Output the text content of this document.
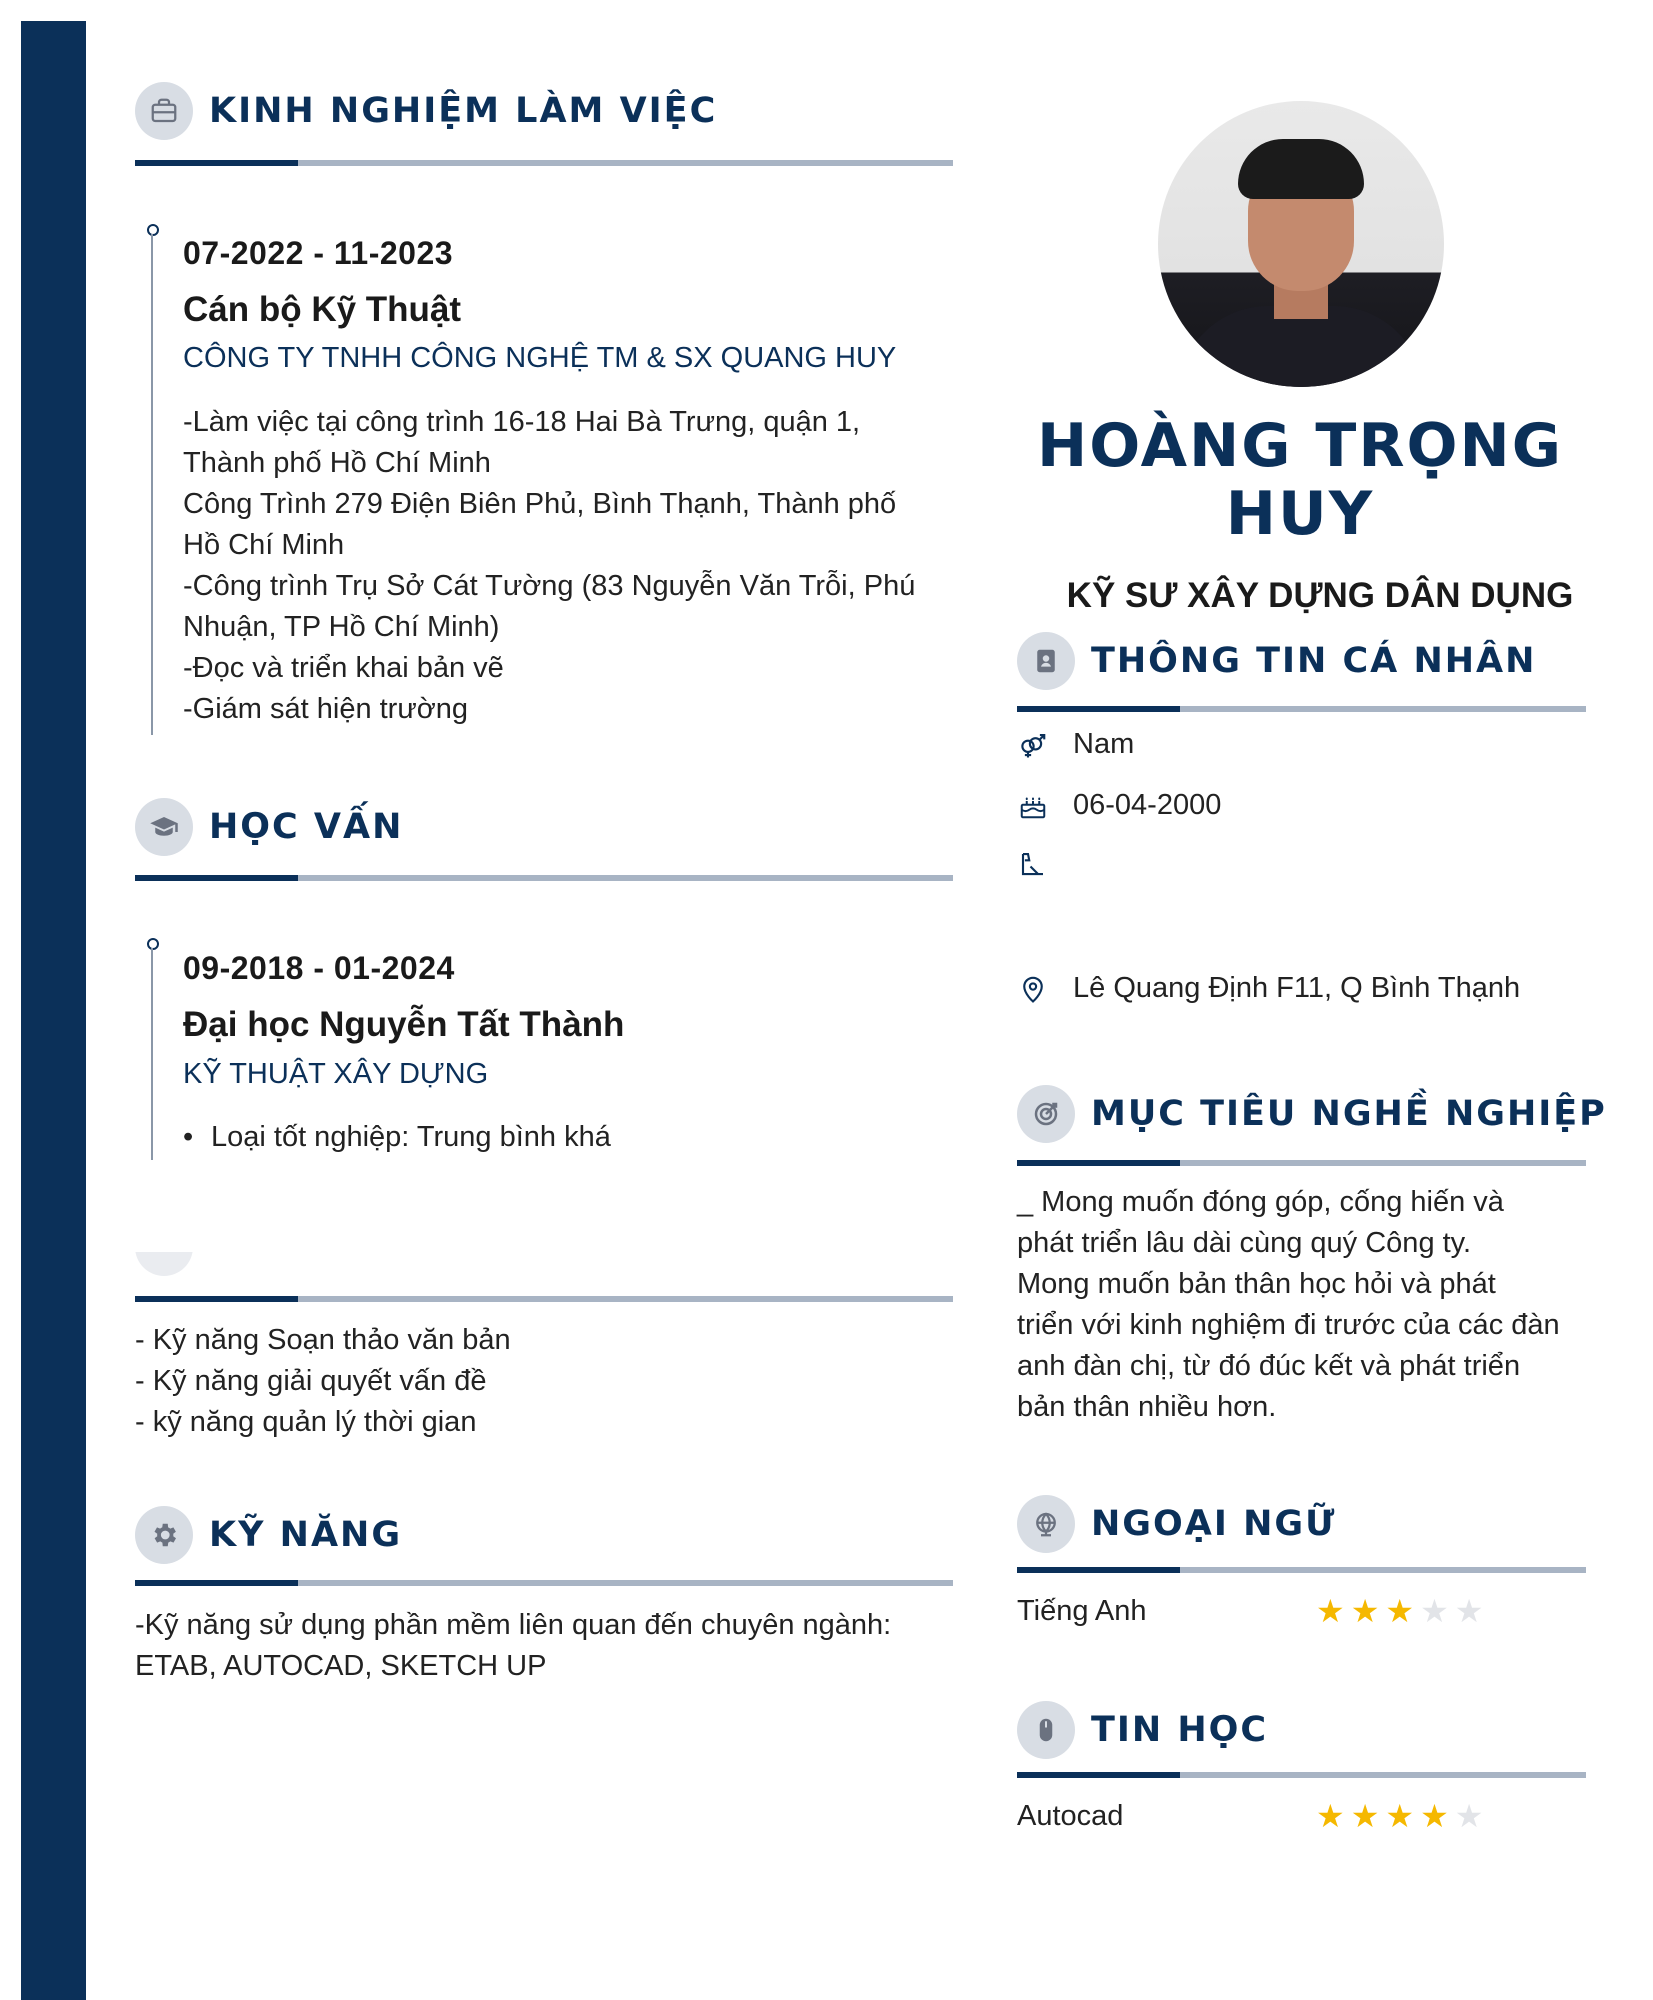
KINH NGHIỆM LÀM VIỆC
07-2022 - 11-2023
Cán bộ Kỹ Thuật
CÔNG TY TNHH CÔNG NGHỆ TM & SX QUANG HUY
-Làm việc tại công trình 16-18 Hai Bà Trưng, quận 1,
Thành phố Hồ Chí Minh
Công Trình 279 Điện Biên Phủ, Bình Thạnh, Thành phố
Hồ Chí Minh
-Công trình Trụ Sở Cát Tường (83 Nguyễn Văn Trỗi, Phú
Nhuận, TP Hồ Chí Minh)
-Đọc và triển khai bản vẽ
-Giám sát hiện trường
HỌC VẤN
09-2018 - 01-2024
Đại học Nguyễn Tất Thành
KỸ THUẬT XÂY DỰNG
• Loại tốt nghiệp: Trung bình khá
- Kỹ năng Soạn thảo văn bản
- Kỹ năng giải quyết vấn đề
- kỹ năng quản lý thời gian
KỸ NĂNG
-Kỹ năng sử dụng phần mềm liên quan đến chuyên ngành:
ETAB, AUTOCAD, SKETCH UP
HOÀNG TRỌNG
HUY
KỸ SƯ XÂY DỰNG DÂN DỤNG
THÔNG TIN CÁ NHÂN
Nam
06-04-2000
Lê Quang Định F11, Q Bình Thạnh
MỤC TIÊU NGHỀ NGHIỆP
_ Mong muốn đóng góp, cống hiến và
phát triển lâu dài cùng quý Công ty.
Mong muốn bản thân học hỏi và phát
triển với kinh nghiệm đi trước của các đàn
anh đàn chị, từ đó đúc kết và phát triển
bản thân nhiều hơn.
NGOẠI NGỮ
Tiếng Anh	★★★★★
TIN HỌC
Autocad	★★★★★
